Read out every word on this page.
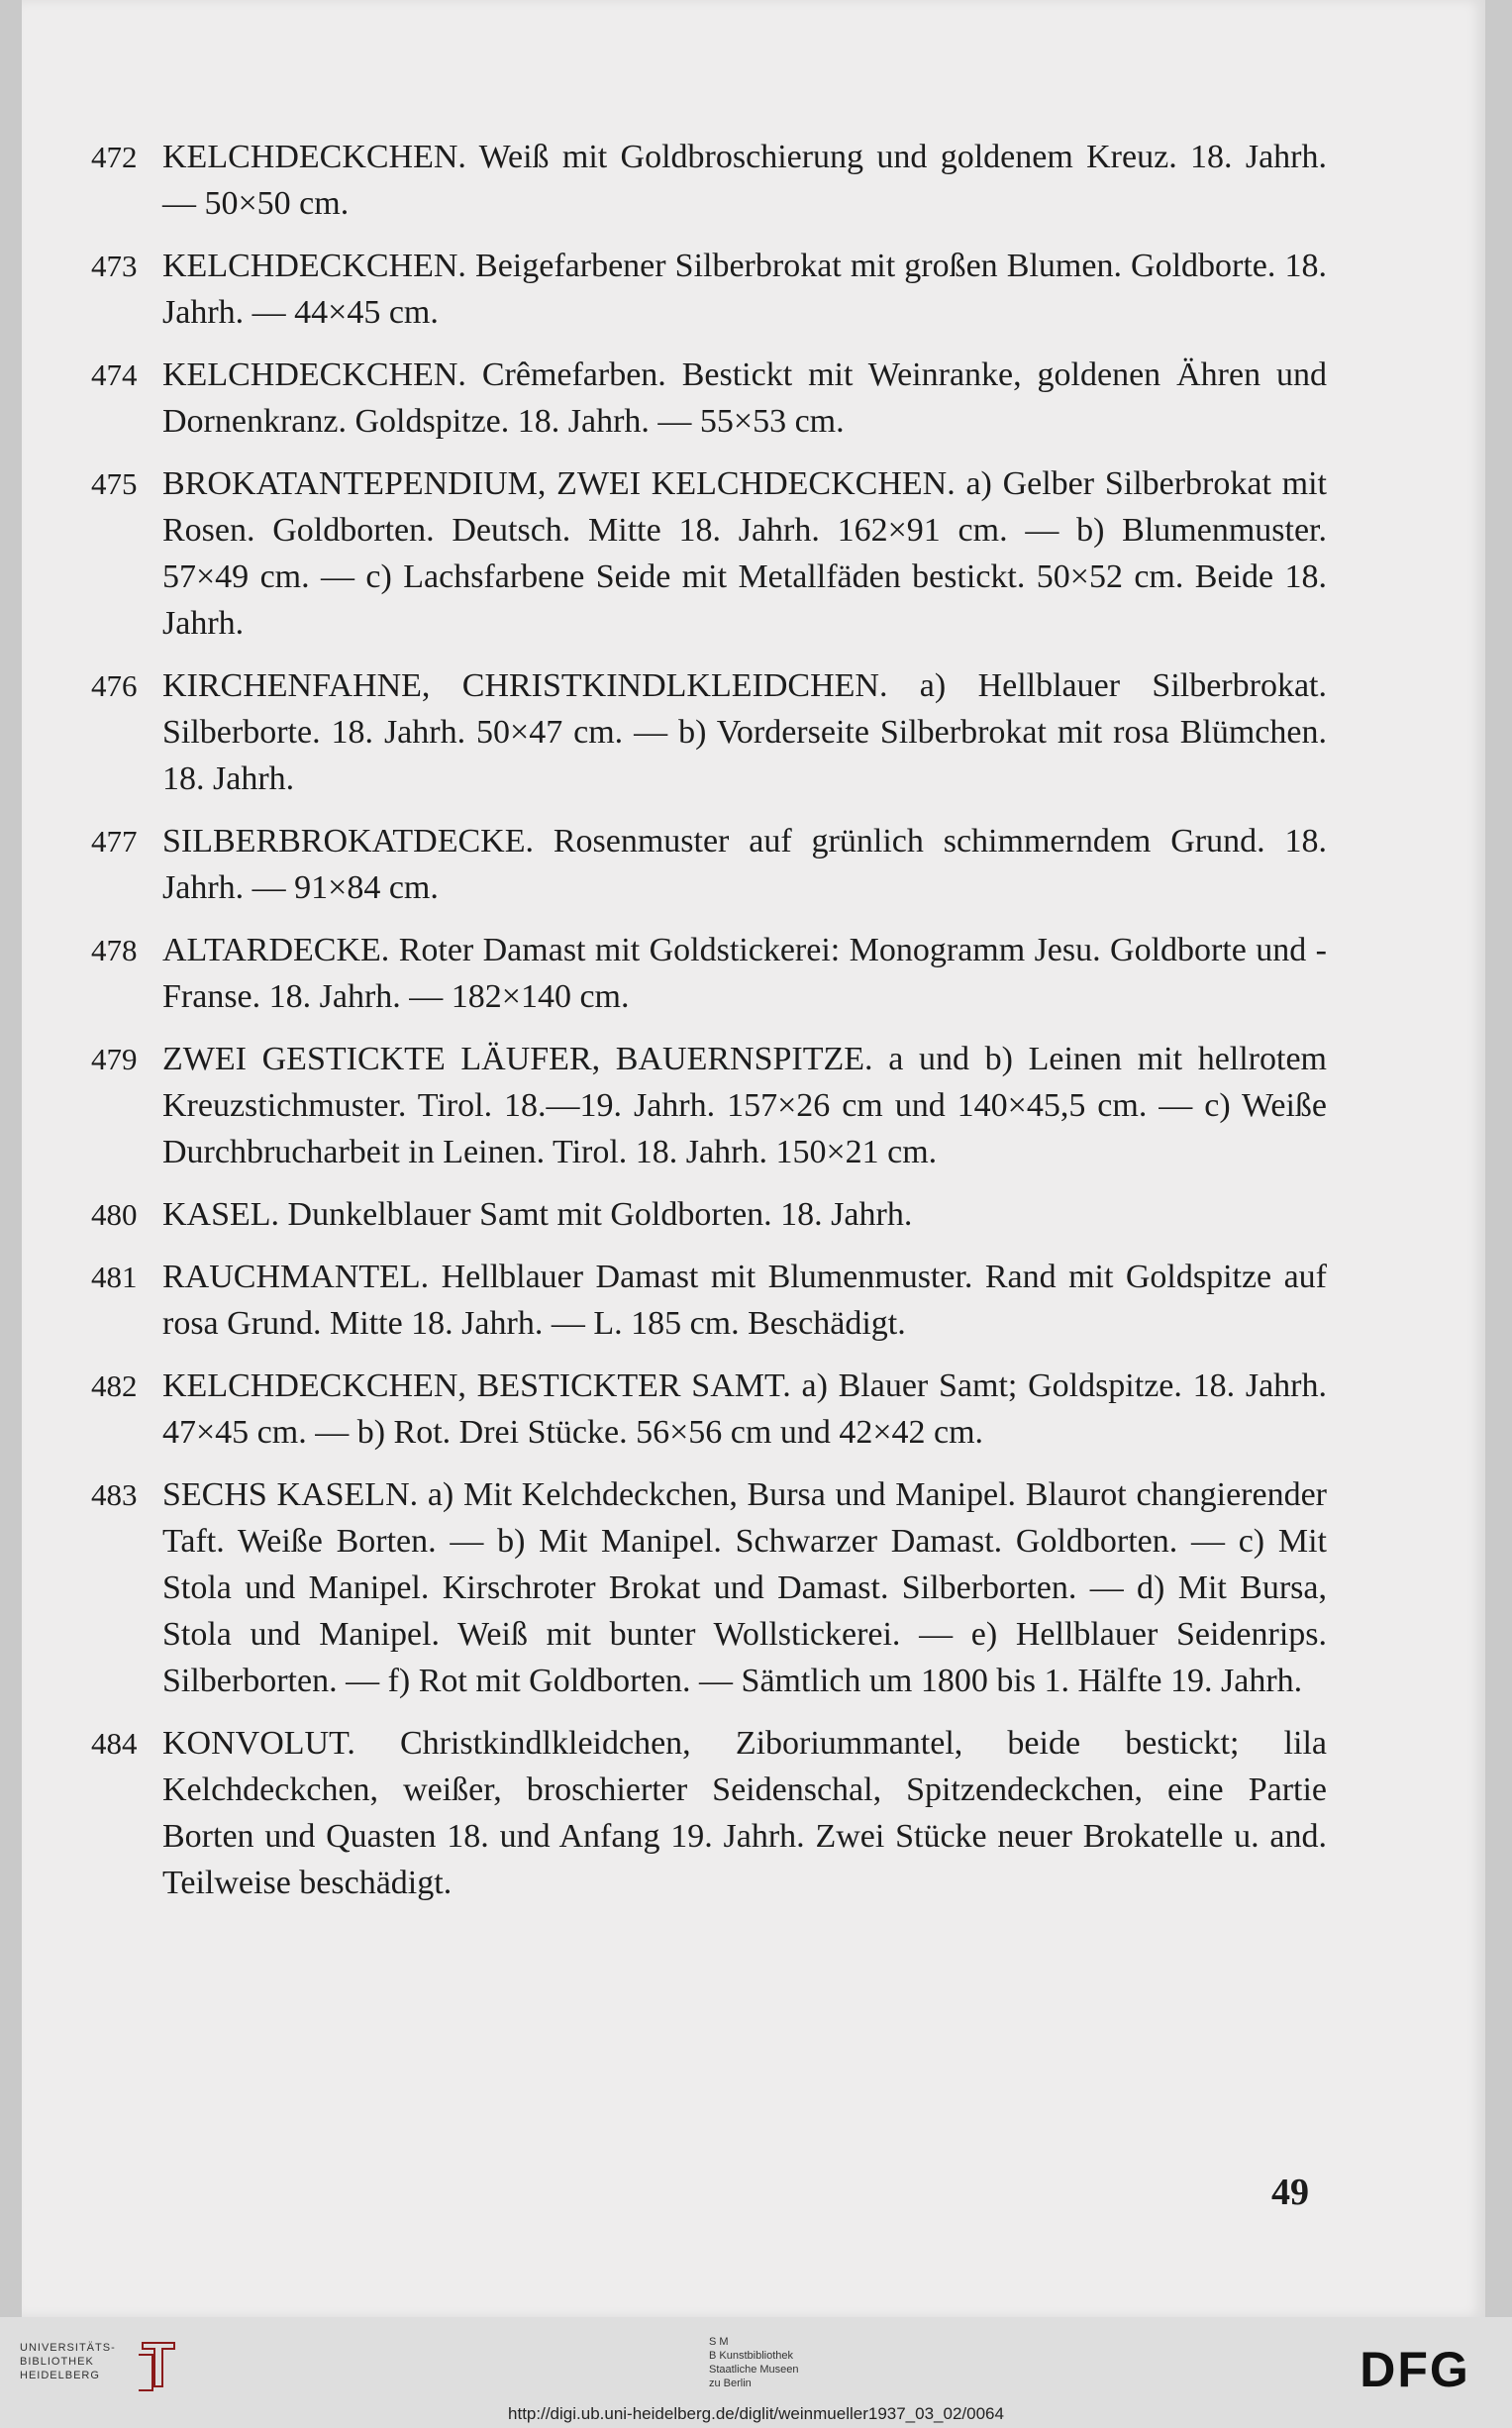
472 KELCHDECKCHEN. Weiß mit Goldbroschierung und goldenem Kreuz. 18. Jahrh. — 50×50 cm.
473 KELCHDECKCHEN. Beigefarbener Silberbrokat mit großen Blumen. Goldborte. 18. Jahrh. — 44×45 cm.
474 KELCHDECKCHEN. Crêmefarben. Bestickt mit Weinranke, goldenen Ähren und Dornenkranz. Goldspitze. 18. Jahrh. — 55×53 cm.
475 BROKATANTEPENDIUM, ZWEI KELCHDECKCHEN. a) Gelber Silberbrokat mit Rosen. Goldborten. Deutsch. Mitte 18. Jahrh. 162×91 cm. — b) Blumenmuster. 57×49 cm. — c) Lachsfarbene Seide mit Metallfäden bestickt. 50×52 cm. Beide 18. Jahrh.
476 KIRCHENFAHNE, CHRISTKINDLKLEIDCHEN. a) Hellblauer Silberbrokat. Silberborte. 18. Jahrh. 50×47 cm. — b) Vorderseite Silberbrokat mit rosa Blümchen. 18. Jahrh.
477 SILBERBROKATDECKE. Rosenmuster auf grünlich schimmerndem Grund. 18. Jahrh. — 91×84 cm.
478 ALTARDECKE. Roter Damast mit Goldstickerei: Monogramm Jesu. Goldborte und -Franse. 18. Jahrh. — 182×140 cm.
479 ZWEI GESTICKTE LÄUFER, BAUERNSPITZE. a und b) Leinen mit hellrotem Kreuzstichmuster. Tirol. 18.—19. Jahrh. 157×26 cm und 140×45,5 cm. — c) Weiße Durchbrucharbeit in Leinen. Tirol. 18. Jahrh. 150×21 cm.
480 KASEL. Dunkelblauer Samt mit Goldborten. 18. Jahrh.
481 RAUCHMANTEL. Hellblauer Damast mit Blumenmuster. Rand mit Goldspitze auf rosa Grund. Mitte 18. Jahrh. — L. 185 cm. Beschädigt.
482 KELCHDECKCHEN, BESTICKTER SAMT. a) Blauer Samt; Goldspitze. 18. Jahrh. 47×45 cm. — b) Rot. Drei Stücke. 56×56 cm und 42×42 cm.
483 SECHS KASELN. a) Mit Kelchdeckchen, Bursa und Manipel. Blaurot changierender Taft. Weiße Borten. — b) Mit Manipel. Schwarzer Damast. Goldborten. — c) Mit Stola und Manipel. Kirschroter Brokat und Damast. Silberborten. — d) Mit Bursa, Stola und Manipel. Weiß mit bunter Wollstickerei. — e) Hellblauer Seidenrips. Silberborten. — f) Rot mit Goldborten. — Sämtlich um 1800 bis 1. Hälfte 19. Jahrh.
484 KONVOLUT. Christkindlkleidchen, Ziboriummantel, beide bestickt; lila Kelchdeckchen, weißer, broschierter Seidenschal, Spitzendeckchen, eine Partie Borten und Quasten 18. und Anfang 19. Jahrh. Zwei Stücke neuer Brokatelle u. and. Teilweise beschädigt.
49
UNIVERSITÄTS-
BIBLIOTHEK
HEIDELBERG
S M
B Kunstbibliothek
Staatliche Museen
zu Berlin	DFG
http://digi.ub.uni-heidelberg.de/diglit/weinmueller1937_03_02/0064
